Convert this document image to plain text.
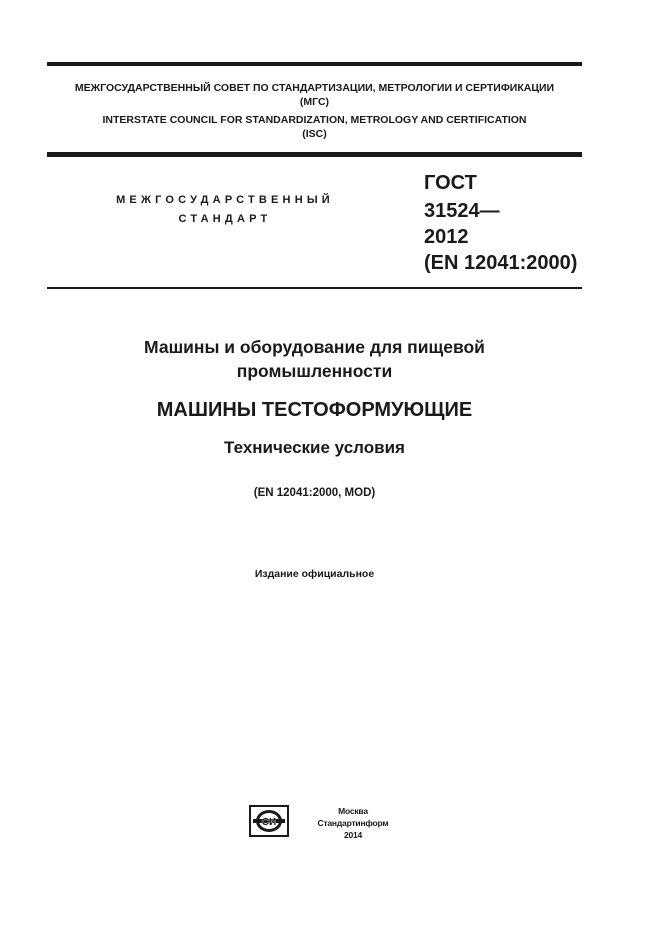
МЕЖГОСУДАРСТВЕННЫЙ СОВЕТ ПО СТАНДАРТИЗАЦИИ, МЕТРОЛОГИИ И СЕРТИФИКАЦИИ
(МГС)
INTERSTATE COUNCIL FOR STANDARDIZATION, METROLOGY AND CERTIFICATION
(ISC)
МЕЖГОСУДАРСТВЕННЫЙ
СТАНДАРТ
ГОСТ
31524—
2012
(EN 12041:2000)
Машины и оборудование для пищевой
промышленности
МАШИНЫ ТЕСТОФОРМУЮЩИЕ
Технические условия
(EN 12041:2000, MOD)
Издание официальное
СИ
Москва
Стандартинформ
2014
